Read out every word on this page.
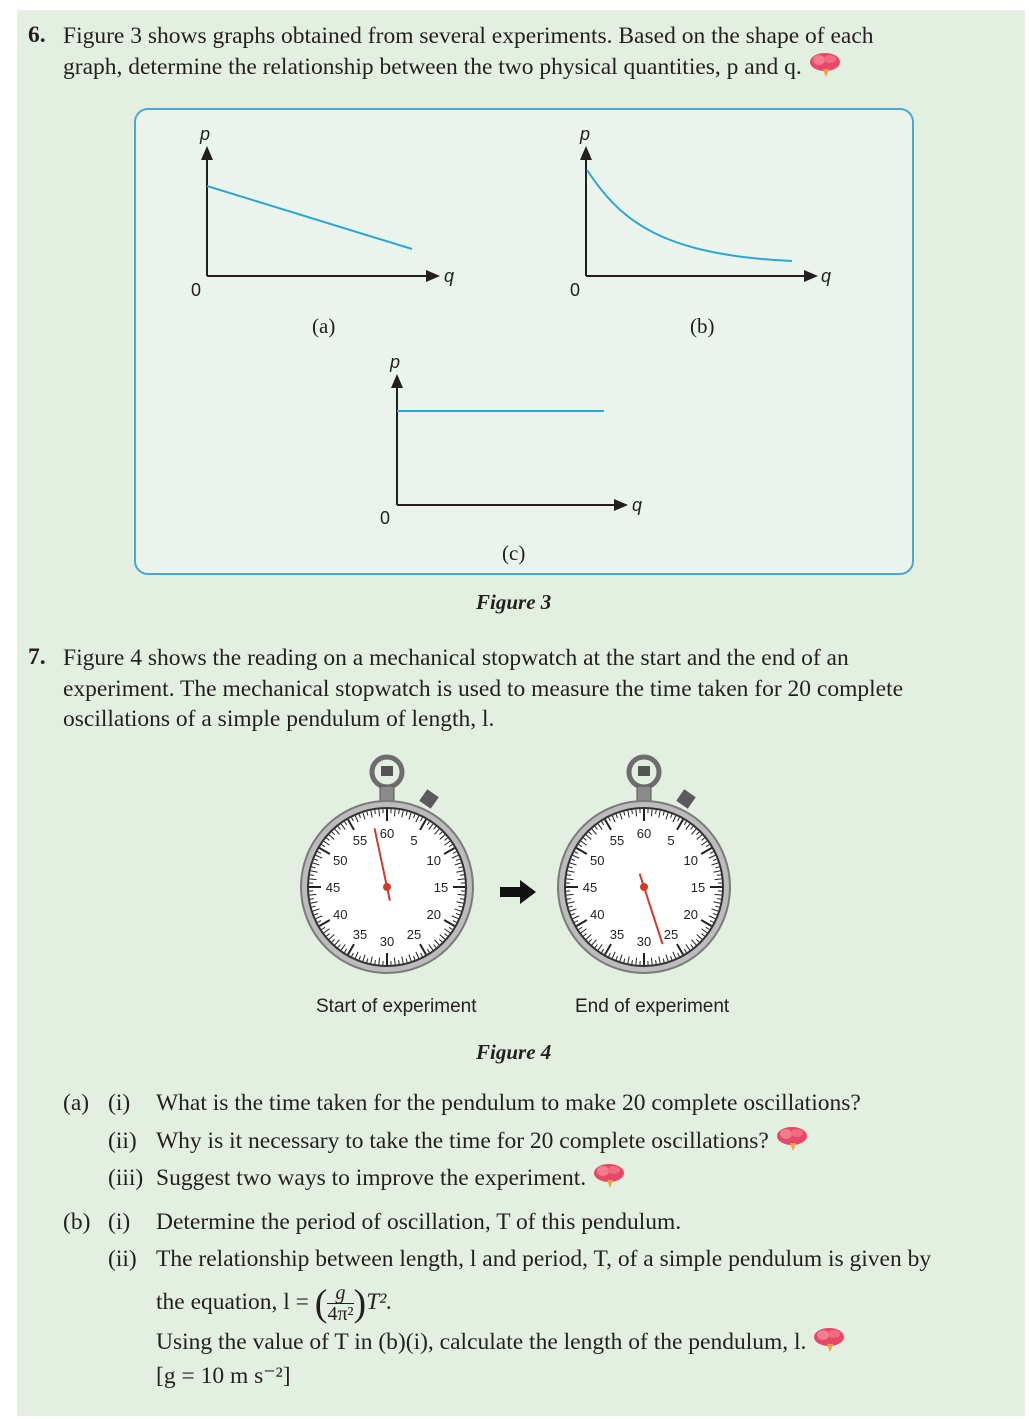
6. Figure 3 shows graphs obtained from several experiments. Based on the shape of each
graph, determine the relationship between the two physical quantities, p and q.
p
q
0
(a)
p
q
0
(b)
p
q
0
(c)
Figure 3
7. Figure 4 shows the reading on a mechanical stopwatch at the start and the end of an
experiment. The mechanical stopwatch is used to measure the time taken for 20 complete
oscillations of a simple pendulum of length, l.
60 5
10
15
20
25
30
35
40
45
50
55	60 5
10
15
20
25
30
35
40
45
50
55
Start of experiment	End of experiment
Figure 4
(a) (i) What is the time taken for the pendulum to make 20 complete oscillations?
(ii) Why is it necessary to take the time for 20 complete oscillations?
(iii) Suggest two ways to improve the experiment.
(b) (i) Determine the period of oscillation, T of this pendulum.
(ii) The relationship between length, l and period, T, of a simple pendulum is given by
the equation, l = ( $\frac{g}{\text{4π²}} )T^2$.
Using the value of T in (b)(i), calculate the length of the pendulum, l.
[g = 10 m s⁻²]
